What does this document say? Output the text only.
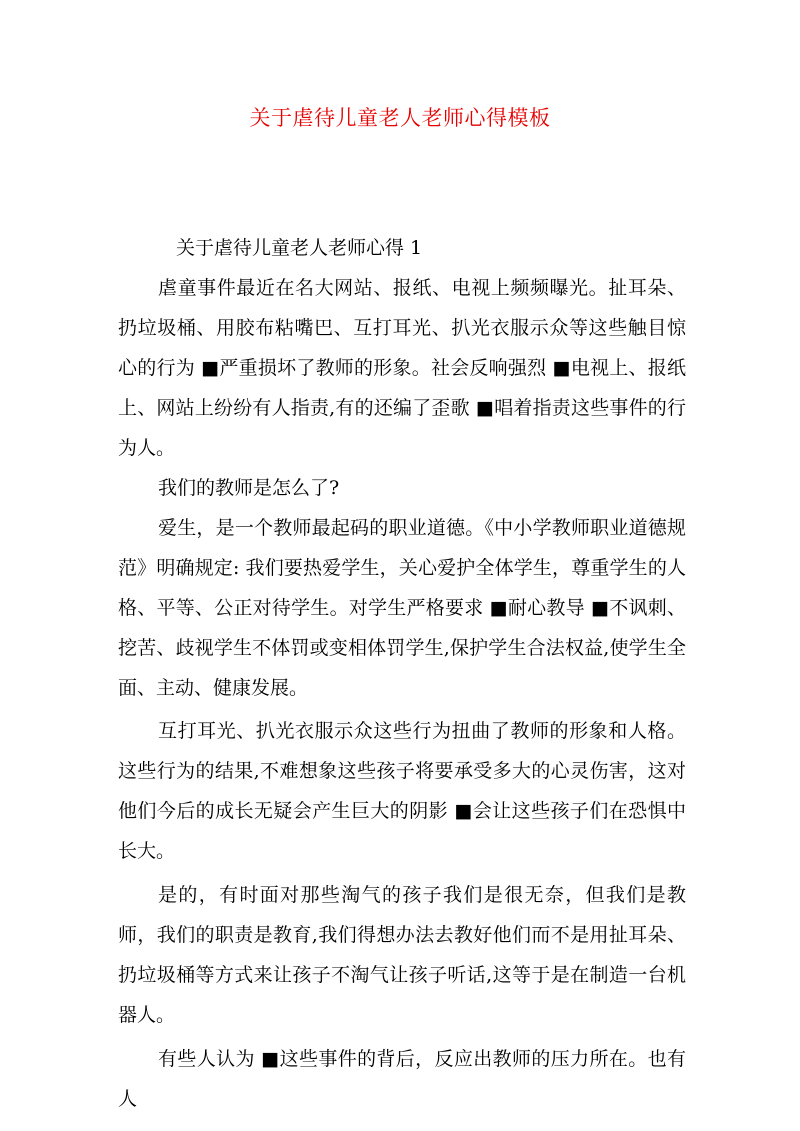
关于虐待儿童老人老师心得模板
关于虐待儿童老人老师心得 1

虐童事件最近在名大网站、报纸、电视上频频曝光。扯耳朵、扔垃圾桶、用胶布粘嘴巴、互打耳光、扒光衣服示众等这些触目惊心的行为 ■严重损坏了教师的形象。社会反响强烈 ■电视上、报纸上、网站上纷纷有人指责,有的还编了歪歌 ■唱着指责这些事件的行为人。

我们的教师是怎么了?

爱生，是一个教师最起码的职业道德。《中小学教师职业道德规范》明确规定: 我们要热爱学生，关心爱护全体学生，尊重学生的人格、平等、公正对待学生。对学生严格要求 ■耐心教导 ■不讽刺、挖苦、歧视学生不体罚或变相体罚学生,保护学生合法权益,使学生全面、主动、健康发展。

互打耳光、扒光衣服示众这些行为扭曲了教师的形象和人格。这些行为的结果,不难想象这些孩子将要承受多大的心灵伤害，这对他们今后的成长无疑会产生巨大的阴影 ■会让这些孩子们在恐惧中长大。

是的，有时面对那些淘气的孩子我们是很无奈，但我们是教师，我们的职责是教育,我们得想办法去教好他们而不是用扯耳朵、扔垃圾桶等方式来让孩子不淘气让孩子听话,这等于是在制造一台机器人。

有些人认为 ■这些事件的背后，反应出教师的压力所在。也有人
